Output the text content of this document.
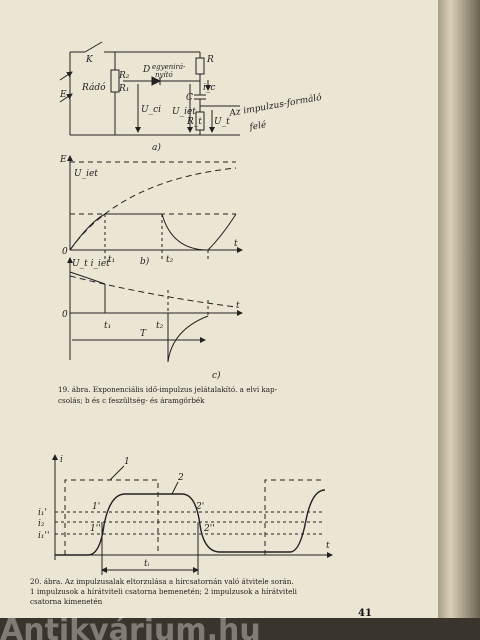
K
Rádó
E
R₂
R₁
D egyenirá-
nyító
U_ci
R
i_c
C
U_iet
R_t U_t
Az impulzus-formáló
felé
a)
E
U_iet
t
0
t₁	t₂
b)
U_t i_iet
t
0
t₁	t₂
T
c)
19. ábra. Exponenciális idő-impulzus jelátalakító. a elvi kap-
csolás; b és c feszültség- és áramgörbék
i
t
1
2
1'	2'
1''	2''
i₁'
i₂
i₁''
tᵢ
20. ábra. Az impulzusalak eltorzulása a hírcsatornán való átvitele során.
1 impulzusok a hírátviteli csatorna bemenetén; 2 impulzusok a hírátviteli
csatorna kimenetén
41
Antikvárium.hu
